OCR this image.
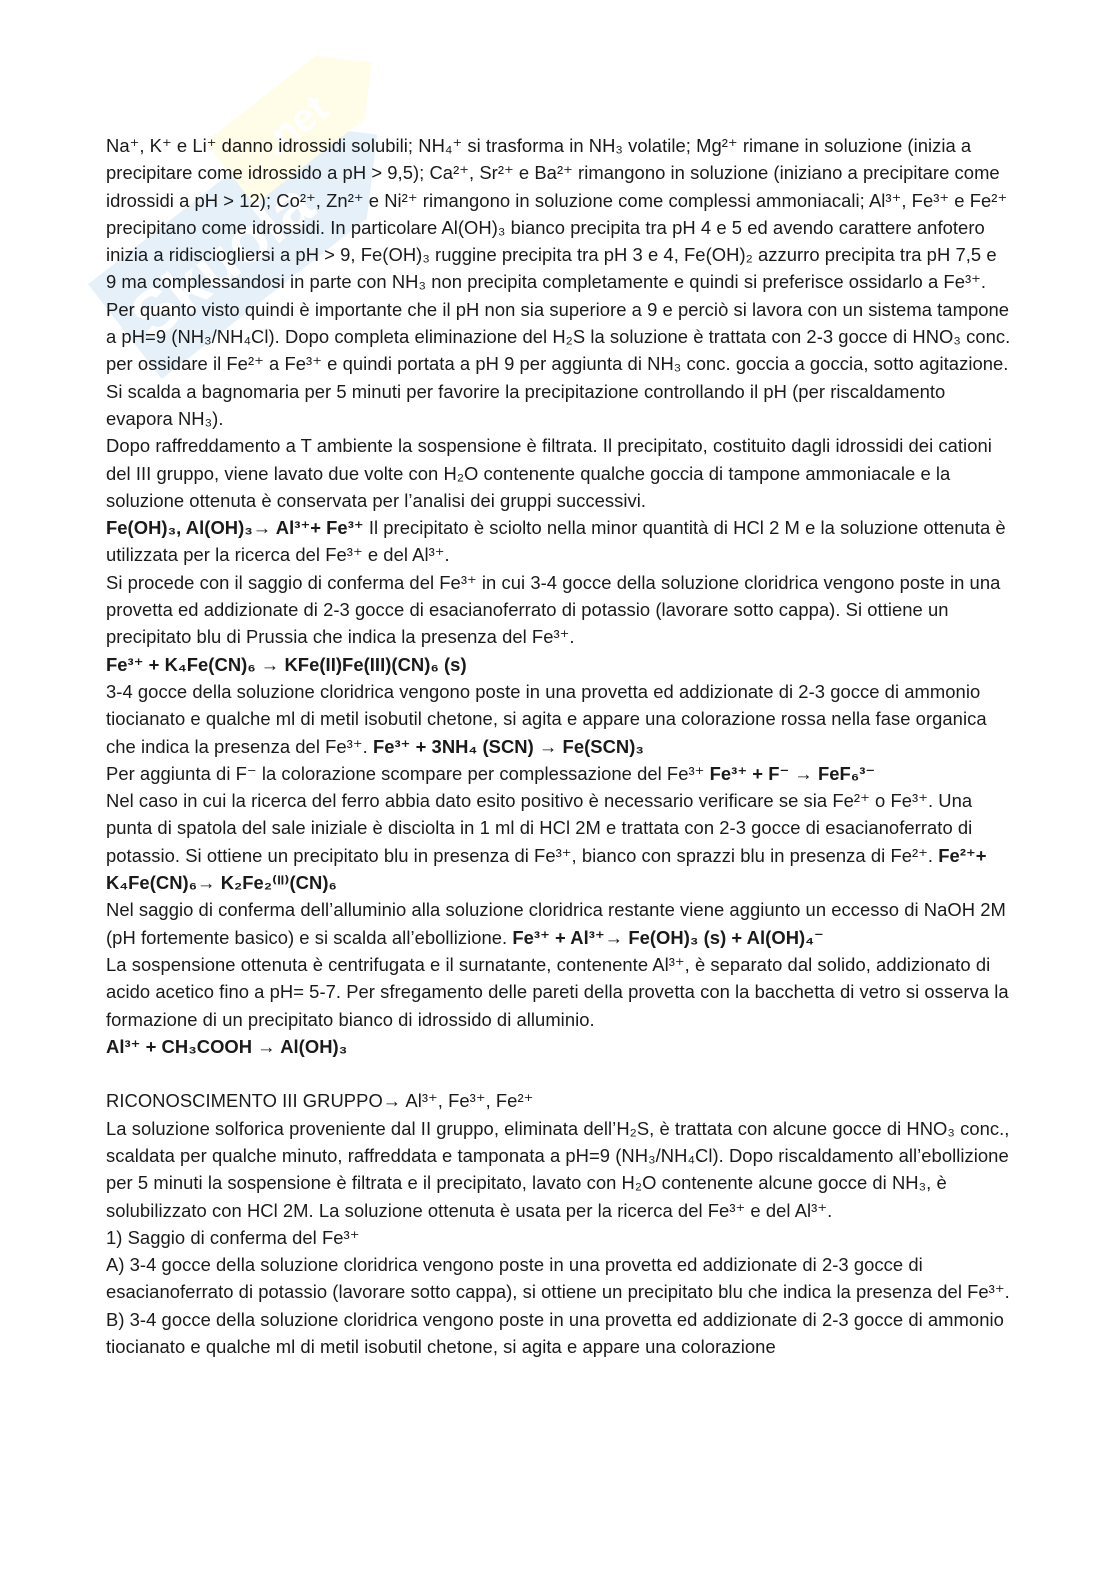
Skuola
.net

Na⁺, K⁺ e Li⁺ danno idrossidi solubili; NH₄⁺ si trasforma in NH₃ volatile; Mg²⁺ rimane in soluzione (inizia a precipitare come idrossido a pH > 9,5); Ca²⁺, Sr²⁺ e Ba²⁺ rimangono in soluzione (iniziano a precipitare come idrossidi a pH > 12); Co²⁺, Zn²⁺ e Ni²⁺ rimangono in soluzione come complessi ammoniacali; Al³⁺, Fe³⁺ e Fe²⁺ precipitano come idrossidi. In particolare Al(OH)₃ bianco precipita tra pH 4 e 5 ed avendo carattere anfotero inizia a ridisciogliersi a pH > 9, Fe(OH)₃ ruggine precipita tra pH 3 e 4, Fe(OH)₂ azzurro precipita tra pH 7,5 e 9 ma complessandosi in parte con NH₃ non precipita completamente e quindi si preferisce ossidarlo a Fe³⁺.

Per quanto visto quindi è importante che il pH non sia superiore a 9 e perciò si lavora con un sistema tampone a pH=9 (NH₃/NH₄Cl). Dopo completa eliminazione del H₂S la soluzione è trattata con 2-3 gocce di HNO₃ conc. per ossidare il Fe²⁺ a Fe³⁺ e quindi portata a pH 9 per aggiunta di NH₃ conc. goccia a goccia, sotto agitazione. Si scalda a bagnomaria per 5 minuti per favorire la precipitazione controllando il pH (per riscaldamento evapora NH₃).

Dopo raffreddamento a T ambiente la sospensione è filtrata. Il precipitato, costituito dagli idrossidi dei cationi del III gruppo, viene lavato due volte con H₂O contenente qualche goccia di tampone ammoniacale e la soluzione ottenuta è conservata per l’analisi dei gruppi successivi.

Fe(OH)₃, Al(OH)₃→ Al³⁺+ Fe³⁺ Il precipitato è sciolto nella minor quantità di HCl 2 M e la soluzione ottenuta è utilizzata per la ricerca del Fe³⁺ e del Al³⁺.

Si procede con il saggio di conferma del Fe³⁺ in cui 3-4 gocce della soluzione cloridrica vengono poste in una provetta ed addizionate di 2-3 gocce di esacianoferrato di potassio (lavorare sotto cappa). Si ottiene un precipitato blu di Prussia che indica la presenza del Fe³⁺.

Fe³⁺ + K₄Fe(CN)₆ → KFe(II)Fe(III)(CN)₆ (s)

3-4 gocce della soluzione cloridrica vengono poste in una provetta ed addizionate di 2-3 gocce di ammonio tiocianato e qualche ml di metil isobutil chetone, si agita e appare una colorazione rossa nella fase organica che indica la presenza del Fe³⁺. Fe³⁺ + 3NH₄ (SCN) → Fe(SCN)₃

Per aggiunta di F⁻ la colorazione scompare per complessazione del Fe³⁺ Fe³⁺ + F⁻ → FeF₆³⁻

Nel caso in cui la ricerca del ferro abbia dato esito positivo è necessario verificare se sia Fe²⁺ o Fe³⁺. Una punta di spatola del sale iniziale è disciolta in 1 ml di HCl 2M e trattata con 2-3 gocce di esacianoferrato di potassio. Si ottiene un precipitato blu in presenza di Fe³⁺, bianco con sprazzi blu in presenza di Fe²⁺. Fe²⁺+ K₄Fe(CN)₆→ K₂Fe₂⁽ᴵᴵ⁾(CN)₆

Nel saggio di conferma dell’alluminio alla soluzione cloridrica restante viene aggiunto un eccesso di NaOH 2M (pH fortemente basico) e si scalda all’ebollizione. Fe³⁺ + Al³⁺→ Fe(OH)₃ (s) + Al(OH)₄⁻

La sospensione ottenuta è centrifugata e il surnatante, contenente Al³⁺, è separato dal solido, addizionato di acido acetico fino a pH= 5-7. Per sfregamento delle pareti della provetta con la bacchetta di vetro si osserva la formazione di un precipitato bianco di idrossido di alluminio.

Al³⁺ + CH₃COOH → Al(OH)₃

RICONOSCIMENTO III GRUPPO→ Al³⁺, Fe³⁺, Fe²⁺

La soluzione solforica proveniente dal II gruppo, eliminata dell’H₂S, è trattata con alcune gocce di HNO₃ conc., scaldata per qualche minuto, raffreddata e tamponata a pH=9 (NH₃/NH₄Cl). Dopo riscaldamento all’ebollizione per 5 minuti la sospensione è filtrata e il precipitato, lavato con H₂O contenente alcune gocce di NH₃, è solubilizzato con HCl 2M. La soluzione ottenuta è usata per la ricerca del Fe³⁺ e del Al³⁺.

1) Saggio di conferma del Fe³⁺

A) 3-4 gocce della soluzione cloridrica vengono poste in una provetta ed addizionate di 2-3 gocce di esacianoferrato di potassio (lavorare sotto cappa), si ottiene un precipitato blu che indica la presenza del Fe³⁺.

B) 3-4 gocce della soluzione cloridrica vengono poste in una provetta ed addizionate di 2-3 gocce di ammonio tiocianato e qualche ml di metil isobutil chetone, si agita e appare una colorazione
